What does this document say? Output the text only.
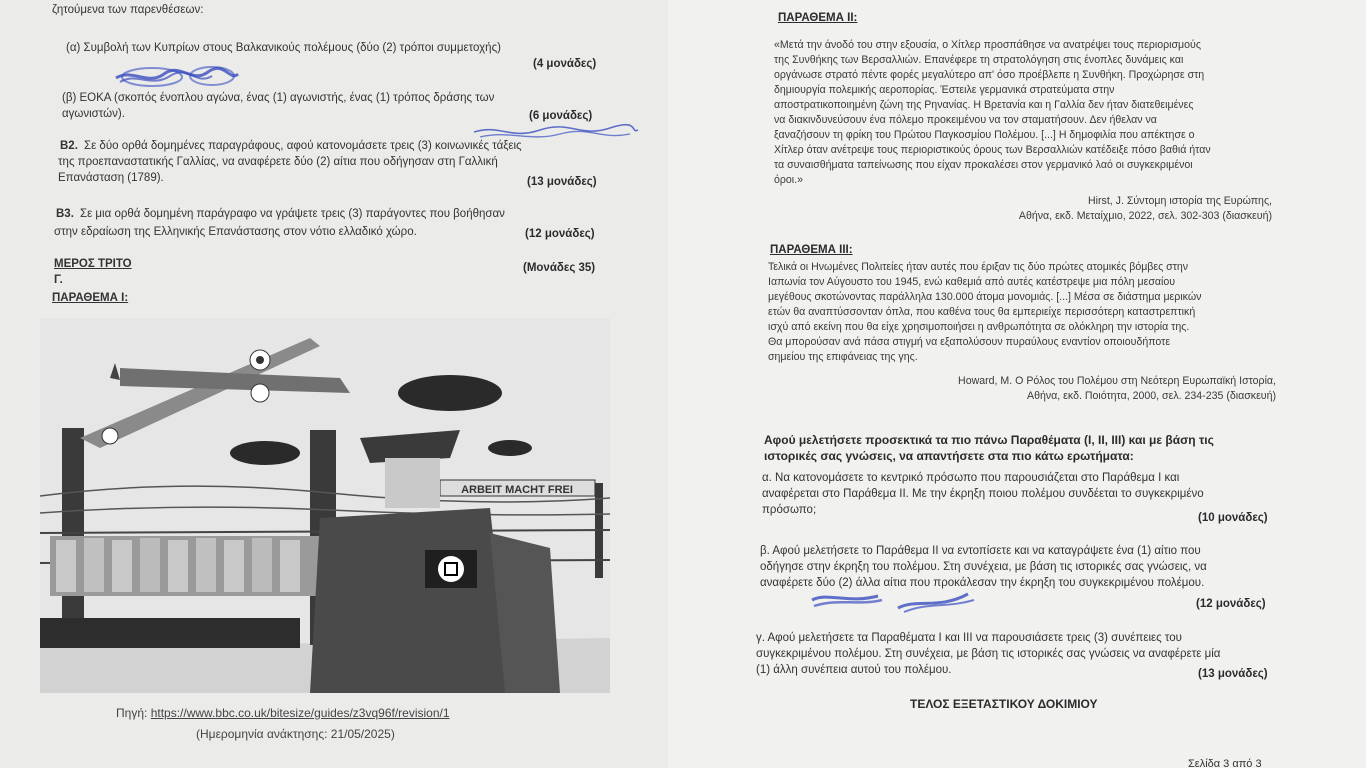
ζητούμενα των παρενθέσεων:
(α) Συμβολή των Κυπρίων στους Βαλκανικούς πολέμους (δύο (2) τρόποι συμμετοχής)
(4 μονάδες)
(β) ΕΟΚΑ (σκοπός ένοπλου αγώνα, ένας (1) αγωνιστής, ένας (1) τρόπος δράσης των
αγωνιστών).	(6 μονάδες)
Β2. Σε δύο ορθά δομημένες παραγράφους, αφού κατονομάσετε τρεις (3) κοινωνικές τάξεις
της προεπαναστατικής Γαλλίας, να αναφέρετε δύο (2) αίτια που οδήγησαν στη Γαλλική
Επανάσταση (1789).	(13 μονάδες)
Β3. Σε μια ορθά δομημένη παράγραφο να γράψετε τρεις (3) παράγοντες που βοήθησαν
στην εδραίωση της Ελληνικής Επανάστασης στον νότιο ελλαδικό χώρο.	(12 μονάδες)
ΜΕΡΟΣ ΤΡΙΤΟ	(Μονάδες 35)
Γ.
ΠΑΡΑΘΕΜΑ Ι:
ARBEIT MACHT FREI
Πηγή: https://www.bbc.co.uk/bitesize/guides/z3vq96f/revision/1
(Ημερομηνία ανάκτησης: 21/05/2025)
ΠΑΡΑΘΕΜΑ ΙΙ:
«Μετά την άνοδό του στην εξουσία, ο Χίτλερ προσπάθησε να ανατρέψει τους περιορισμούς
της Συνθήκης των Βερσαλλιών. Επανέφερε τη στρατολόγηση στις ένοπλες δυνάμεις και
οργάνωσε στρατό πέντε φορές μεγαλύτερο απ' όσο προέβλεπε η Συνθήκη. Προχώρησε στη
δημιουργία πολεμικής αεροπορίας. Έστειλε γερμανικά στρατεύματα στην
αποστρατικοποιημένη ζώνη της Ρηνανίας. Η Βρετανία και η Γαλλία δεν ήταν διατεθειμένες
να διακινδυνεύσουν ένα πόλεμο προκειμένου να τον σταματήσουν. Δεν ήθελαν να
ξαναζήσουν τη φρίκη του Πρώτου Παγκοσμίου Πολέμου. [...] Η δημοφιλία που απέκτησε ο
Χίτλερ όταν ανέτρεψε τους περιοριστικούς όρους των Βερσαλλιών κατέδειξε πόσο βαθιά ήταν
τα συναισθήματα ταπείνωσης που είχαν προκαλέσει στον γερμανικό λαό οι συγκεκριμένοι
όροι.»
Hirst, J. Σύντομη ιστορία της Ευρώπης,
Αθήνα, εκδ. Μεταίχμιο, 2022, σελ. 302-303 (διασκευή)
ΠΑΡΑΘΕΜΑ ΙΙΙ:
Τελικά οι Ηνωμένες Πολιτείες ήταν αυτές που έριξαν τις δύο πρώτες ατομικές βόμβες στην
Ιαπωνία τον Αύγουστο του 1945, ενώ καθεμιά από αυτές κατέστρεψε μια πόλη μεσαίου
μεγέθους σκοτώνοντας παράλληλα 130.000 άτομα μονομιάς. [...] Μέσα σε διάστημα μερικών
ετών θα αναπτύσσονταν όπλα, που καθένα τους θα εμπεριείχε περισσότερη καταστρεπτική
ισχύ από εκείνη που θα είχε χρησιμοποιήσει η ανθρωπότητα σε ολόκληρη την ιστορία της.
Θα μπορούσαν ανά πάσα στιγμή να εξαπολύσουν πυραύλους εναντίον οποιουδήποτε
σημείου της επιφάνειας της γης.
Howard, M. Ο Ρόλος του Πολέμου στη Νεότερη Ευρωπαϊκή Ιστορία,
Αθήνα, εκδ. Ποιότητα, 2000, σελ. 234-235 (διασκευή)
Αφού μελετήσετε προσεκτικά τα πιο πάνω Παραθέματα (Ι, ΙΙ, ΙΙΙ) και με βάση τις
ιστορικές σας γνώσεις, να απαντήσετε στα πιο κάτω ερωτήματα:
α. Να κατονομάσετε το κεντρικό πρόσωπο που παρουσιάζεται στο Παράθεμα Ι και
αναφέρεται στο Παράθεμα ΙΙ. Με την έκρηξη ποιου πολέμου συνδέεται το συγκεκριμένο
πρόσωπο;
(10 μονάδες)
β. Αφού μελετήσετε το Παράθεμα ΙΙ να εντοπίσετε και να καταγράψετε ένα (1) αίτιο που
οδήγησε στην έκρηξη του πολέμου. Στη συνέχεια, με βάση τις ιστορικές σας γνώσεις, να
αναφέρετε δύο (2) άλλα αίτια που προκάλεσαν την έκρηξη του συγκεκριμένου πολέμου.
(12 μονάδες)
γ. Αφού μελετήσετε τα Παραθέματα Ι και ΙΙΙ να παρουσιάσετε τρεις (3) συνέπειες του
συγκεκριμένου πολέμου. Στη συνέχεια, με βάση τις ιστορικές σας γνώσεις να αναφέρετε μία
(1) άλλη συνέπεια αυτού του πολέμου.	(13 μονάδες)
ΤΕΛΟΣ ΕΞΕΤΑΣΤΙΚΟΥ ΔΟΚΙΜΙΟΥ
Σελίδα 3 από 3
